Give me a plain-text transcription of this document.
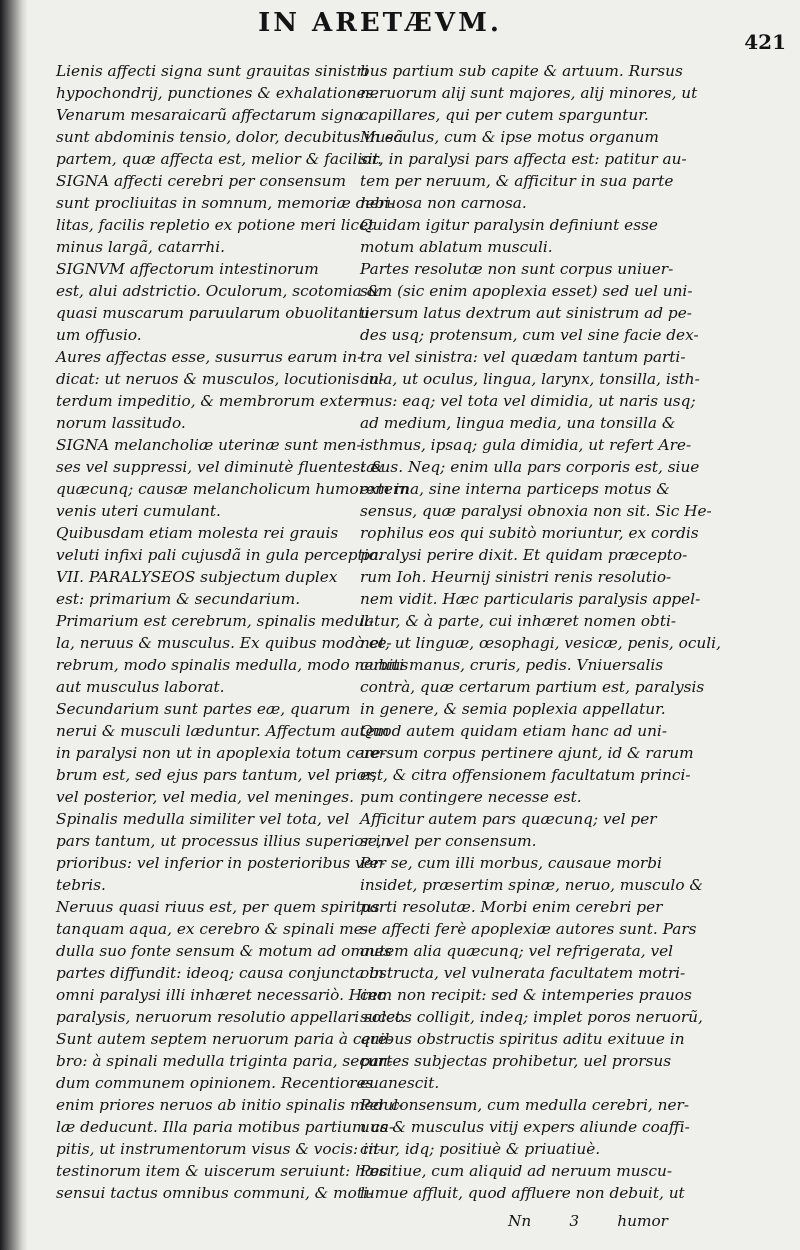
IN ARETÆVM.
421
Lienis affecti signa sunt grauitas sinistri
hypochondrij, punctiones & exhalationes.
Venarum mesaraicarũ affectarum signa
sunt abdominis tensio, dolor, decubitus in eã
partem, quæ affecta est, melior & facilior.
SIGNA affecti cerebri per consensum
sunt procliuitas in somnum, memoriæ debi-
litas, facilis repletio ex potione meri licet
minus largã, catarrhi.
SIGNVM affectorum intestinorum
est, alui adstrictio. Oculorum, scotomia &
quasi muscarum paruularum obuolitanti-
um offusio.
Aures affectas esse, susurrus earum in-
dicat: ut neruos & musculos, locutionis in-
terdum impeditio, & membrorum exter-
norum lassitudo.
SIGNA melancholiæ uterinæ sunt men-
ses vel suppressi, vel diminutè fluentes: &
quæcunq; causæ melancholicum humorem in
venis uteri cumulant.
Quibusdam etiam molesta rei grauis
veluti infixi pali cujusdã in gula perceptio.
VII. PARALYSEOS subjectum duplex
est: primarium & secundarium.
Primarium est cerebrum, spinalis medul-
la, neruus & musculus. Ex quibus modò ce-
rebrum, modo spinalis medulla, modo neruus
aut musculus laborat.
Secundarium sunt partes eæ, quarum
nerui & musculi læduntur. Affectum autem
in paralysi non ut in apoplexia totum cere-
brum est, sed ejus pars tantum, vel prior,
vel posterior, vel media, vel meninges.
Spinalis medulla similiter vel tota, vel
pars tantum, ut processus illius superior in
prioribus: vel inferior in posterioribus ver-
tebris.
Neruus quasi riuus est, per quem spiritus
tanquam aqua, ex cerebro & spinali me-
dulla suo fonte sensum & motum ad omnes
partes diffundit: ideoq; causa conjuncta in
omni paralysi illi inhæret necessariò. Hinc
paralysis, neruorum resolutio appellari solet.
Sunt autem septem neruorum paria à cere-
bro: à spinali medulla triginta paria, secun-
dum communem opinionem. Recentiores
enim priores neruos ab initio spinalis medul-
læ deducunt. Illa paria motibus partium ca-
pitis, ut instrumentorum visus & vocis: in-
testinorum item & uiscerum seruiunt: hæc
sensui tactus omnibus communi, & moti-
bus partium sub capite & artuum. Rursus
neruorum alij sunt majores, alij minores, ut
capillares, qui per cutem sparguntur.
Musculus, cum & ipse motus organum
sit, in paralysi pars affecta est: patitur au-
tem per neruum, & afficitur in sua parte
neruosa non carnosa.
Quidam igitur paralysin definiunt esse
motum ablatum musculi.
Partes resolutæ non sunt corpus uniuer-
sum (sic enim apoplexia esset) sed uel uni-
uersum latus dextrum aut sinistrum ad pe-
des usq; protensum, cum vel sine facie dex-
tra vel sinistra: vel quædam tantum parti-
cula, ut oculus, lingua, larynx, tonsilla, isth-
mus: eaq; vel tota vel dimidia, ut naris usq;
ad medium, lingua media, una tonsilla &
isthmus, ipsaq; gula dimidia, ut refert Are-
tæus. Neq; enim ulla pars corporis est, siue
externa, sine interna particeps motus &
sensus, quæ paralysi obnoxia non sit. Sic He-
rophilus eos qui subitò moriuntur, ex cordis
paralysi perire dixit. Et quidam præcepto-
rum Ioh. Heurnij sinistri renis resolutio-
nem vidit. Hæc particularis paralysis appel-
latur, & à parte, cui inhæret nomen obti-
net, ut linguæ, œsophagi, vesicæ, penis, oculi,
cubiti manus, cruris, pedis. Vniuersalis
contrà, quæ certarum partium est, paralysis
in genere, & semia poplexia appellatur.
Quod autem quidam etiam hanc ad uni-
uersum corpus pertinere ajunt, id & rarum
est, & citra offensionem facultatum princi-
pum contingere necesse est.
Afficitur autem pars quæcunq; vel per
se, vel per consensum.
Per se, cum illi morbus, causaue morbi
insidet, præsertim spinæ, neruo, musculo &
parti resolutæ. Morbi enim cerebri per
se affecti ferè apoplexiæ autores sunt. Pars
autem alia quæcunq; vel refrigerata, vel
obstructa, vel vulnerata facultatem motri-
cem non recipit: sed & intemperies prauos
succos colligit, indeq; implet poros neruorũ,
quibus obstructis spiritus aditu exituue in
partes subjectas prohibetur, uel prorsus
euanescit.
Per consensum, cum medulla cerebri, ner-
uus & musculus vitij expers aliunde coaffi-
citur, idq; positiuè & priuatiuè.
Positiue, cum aliquid ad neruum muscu-
lumue affluit, quod affluere non debuit, ut
Nn 3 humor
